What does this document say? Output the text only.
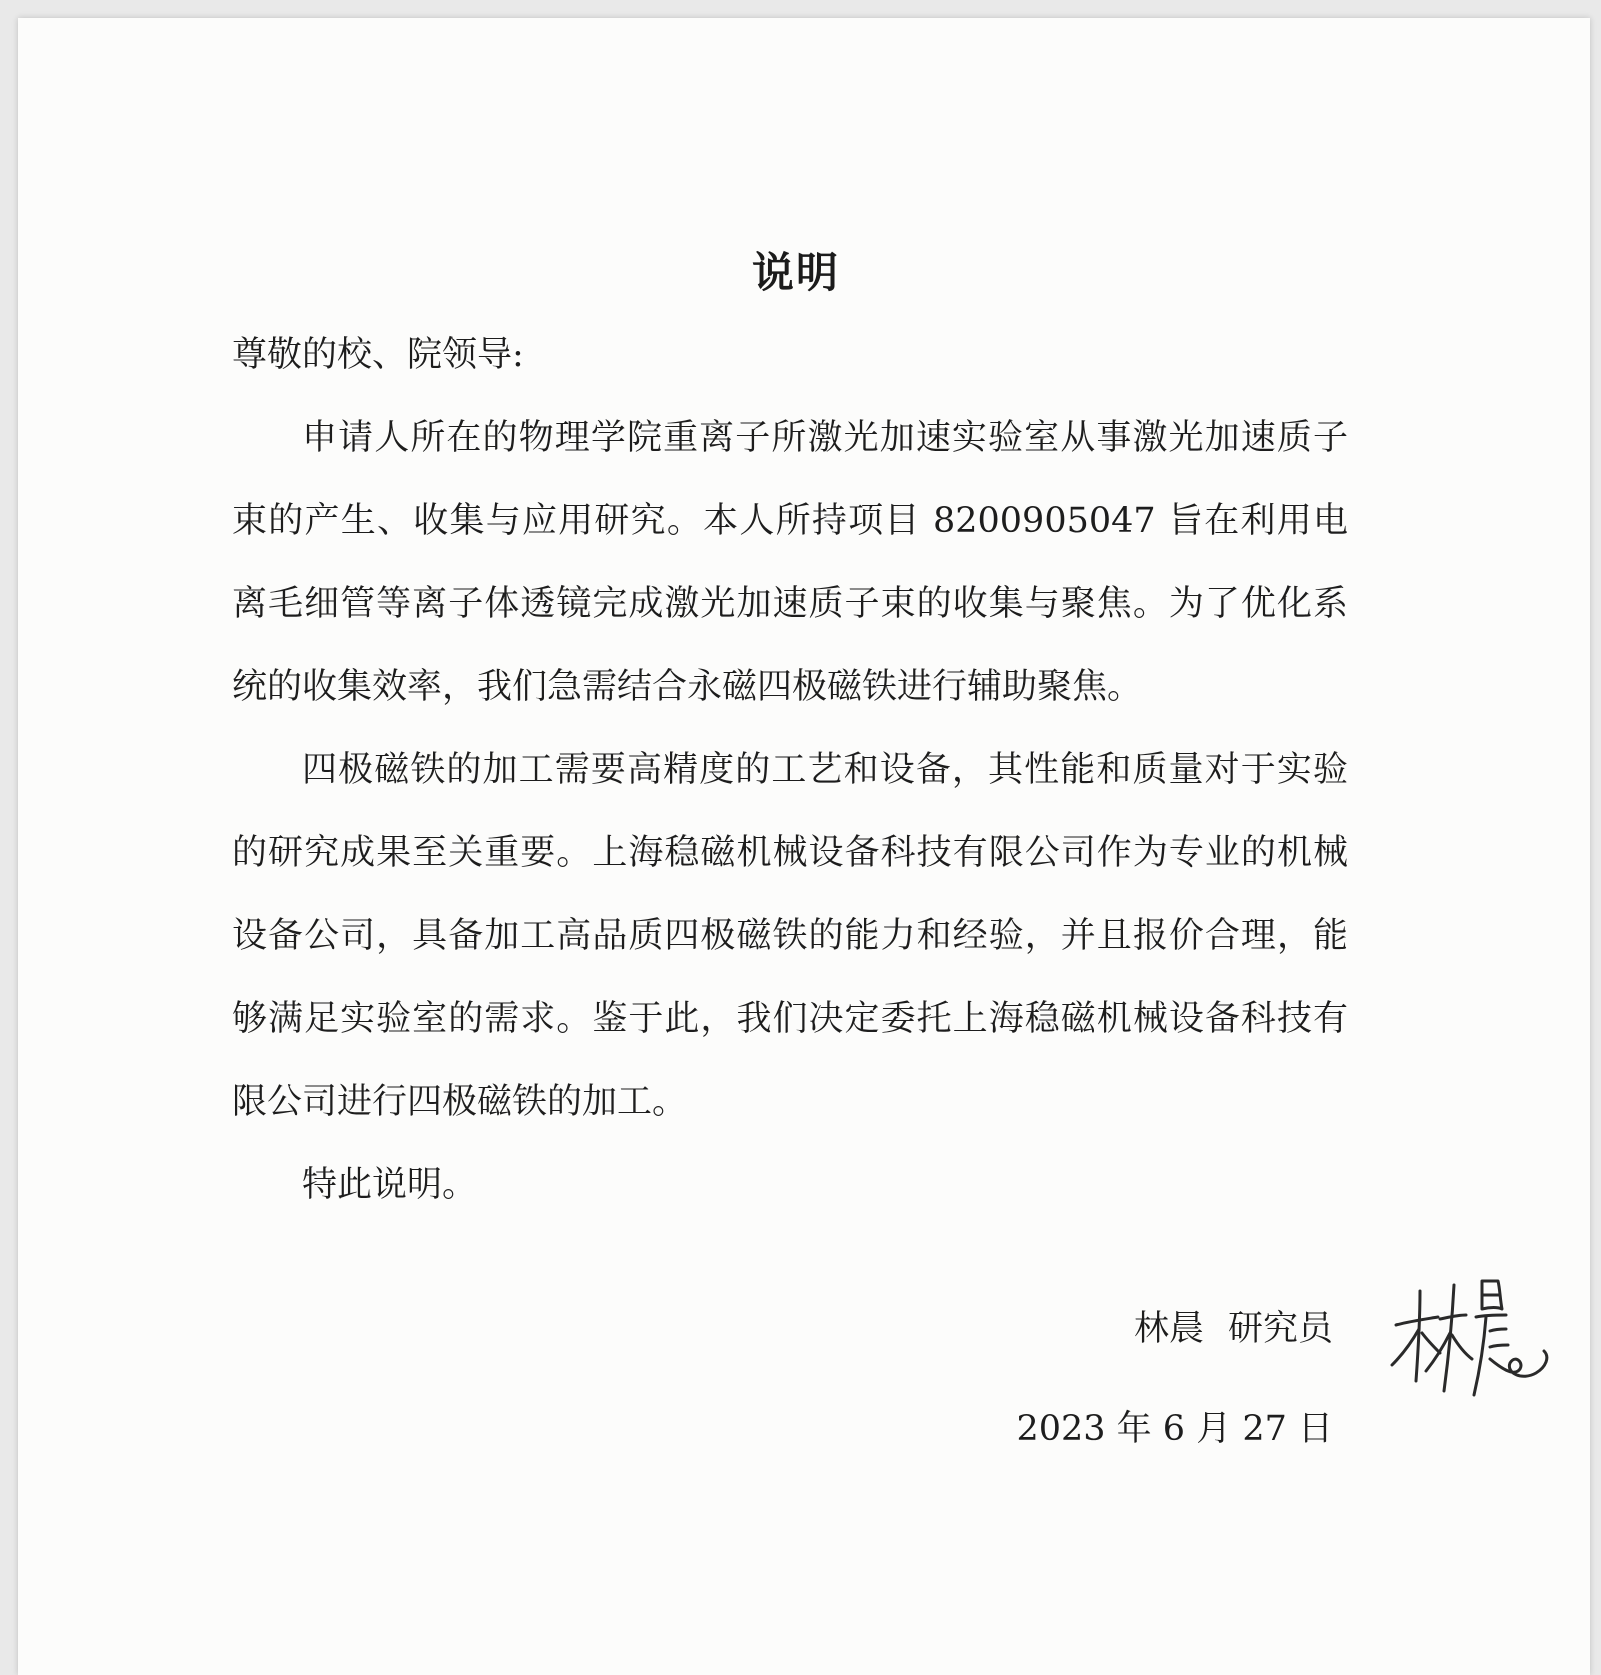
说明

尊敬的校、院领导:

申请人所在的物理学院重离子所激光加速实验室从事激光加速质子束的产生、收集与应用研究。本人所持项目 8200905047 旨在利用电离毛细管等离子体透镜完成激光加速质子束的收集与聚焦。为了优化系统的收集效率，我们急需结合永磁四极磁铁进行辅助聚焦。

四极磁铁的加工需要高精度的工艺和设备，其性能和质量对于实验的研究成果至关重要。上海稳磁机械设备科技有限公司作为专业的机械设备公司，具备加工高品质四极磁铁的能力和经验，并且报价合理，能够满足实验室的需求。鉴于此，我们决定委托上海稳磁机械设备科技有限公司进行四极磁铁的加工。

特此说明。

林晨 研究员
2023 年 6 月 27 日
